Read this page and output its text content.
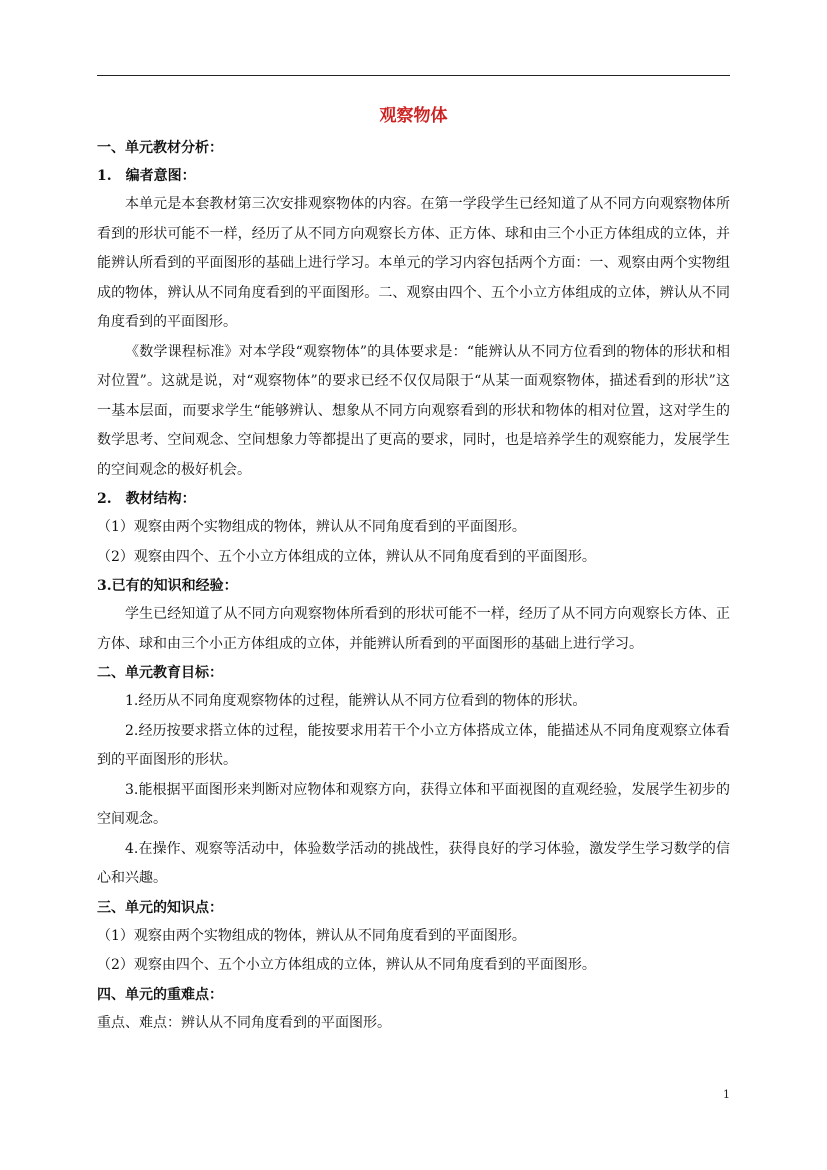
观察物体
一、单元教材分析：
1.　编者意图：
本单元是本套教材第三次安排观察物体的内容。在第一学段学生已经知道了从不同方向观察物体所看到的形状可能不一样，经历了从不同方向观察长方体、正方体、球和由三个小正方体组成的立体，并能辨认所看到的平面图形的基础上进行学习。本单元的学习内容包括两个方面：一、观察由两个实物组成的物体，辨认从不同角度看到的平面图形。二、观察由四个、五个小立方体组成的立体，辨认从不同角度看到的平面图形。
《数学课程标准》对本学段“观察物体”的具体要求是：“能辨认从不同方位看到的物体的形状和相对位置”。这就是说，对“观察物体”的要求已经不仅仅局限于“从某一面观察物体，描述看到的形状”这一基本层面，而要求学生“能够辨认、想象从不同方向观察看到的形状和物体的相对位置，这对学生的数学思考、空间观念、空间想象力等都提出了更高的要求，同时，也是培养学生的观察能力，发展学生的空间观念的极好机会。
2.　教材结构：
（1）观察由两个实物组成的物体，辨认从不同角度看到的平面图形。
（2）观察由四个、五个小立方体组成的立体，辨认从不同角度看到的平面图形。
3.已有的知识和经验：
学生已经知道了从不同方向观察物体所看到的形状可能不一样，经历了从不同方向观察长方体、正方体、球和由三个小正方体组成的立体，并能辨认所看到的平面图形的基础上进行学习。
二、单元教育目标：
1.经历从不同角度观察物体的过程，能辨认从不同方位看到的物体的形状。
2.经历按要求搭立体的过程，能按要求用若干个小立方体搭成立体，能描述从不同角度观察立体看到的平面图形的形状。
3.能根据平面图形来判断对应物体和观察方向，获得立体和平面视图的直观经验，发展学生初步的空间观念。
4.在操作、观察等活动中，体验数学活动的挑战性，获得良好的学习体验，激发学生学习数学的信心和兴趣。
三、单元的知识点：
（1）观察由两个实物组成的物体，辨认从不同角度看到的平面图形。
（2）观察由四个、五个小立方体组成的立体，辨认从不同角度看到的平面图形。
四、单元的重难点：
重点、难点：辨认从不同角度看到的平面图形。
1
